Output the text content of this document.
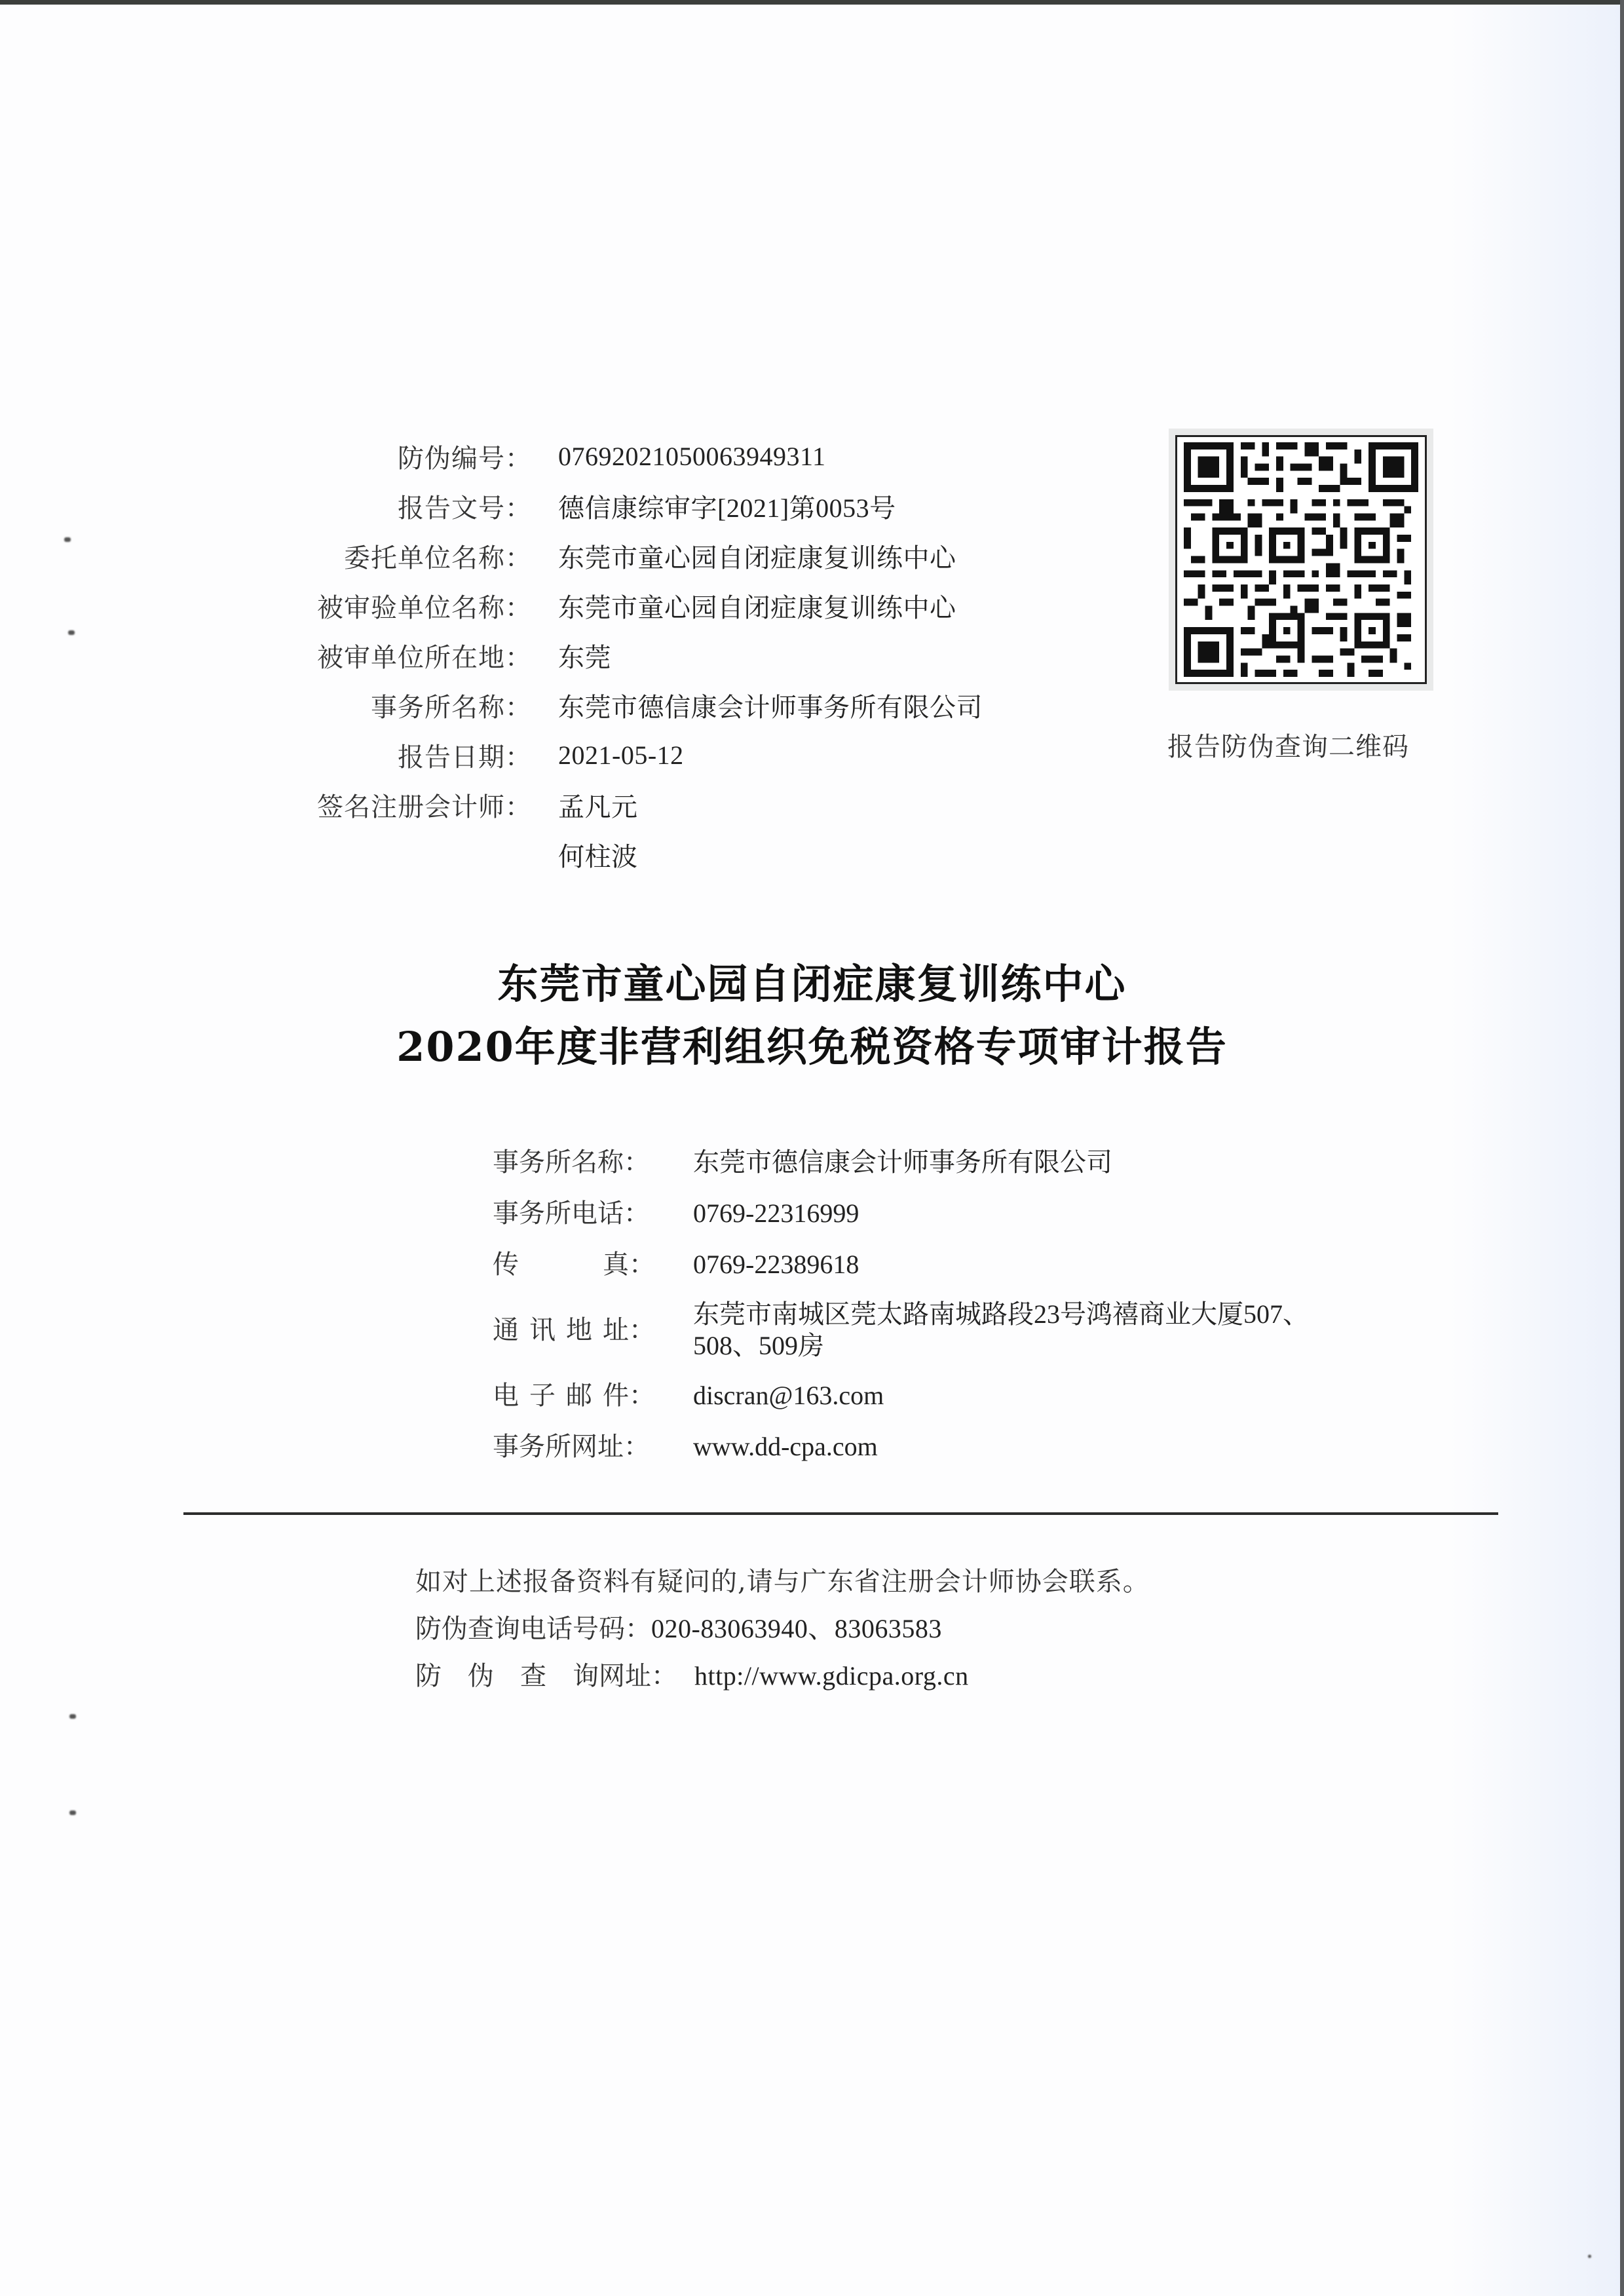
防伪编号：	07692021050063949311
报告文号：	德信康综审字[2021]第0053号
委托单位名称：	东莞市童心园自闭症康复训练中心
被审验单位名称：	东莞市童心园自闭症康复训练中心
被审单位所在地：	东莞
事务所名称：	东莞市德信康会计师事务所有限公司
报告日期：	2021-05-12
签名注册会计师：	孟凡元
何柱波
报告防伪查询二维码
东莞市童心园自闭症康复训练中心
2020年度非营利组织免税资格专项审计报告
事务所名称：	东莞市德信康会计师事务所有限公司
事务所电话：	0769-22316999
传	真： 0769-22389618
通 讯 地 址：
东莞市南城区莞太路南城路段23号鸿禧商业大厦507、
508、509房
电 子 邮 件： discran@163.com
事务所网址：	www.dd-cpa.com
如对上述报备资料有疑问的,请与广东省注册会计师协会联系。
防伪查询电话号码： 020-83063940、83063583
防 伪 查 询网址： http://www.gdicpa.org.cn
